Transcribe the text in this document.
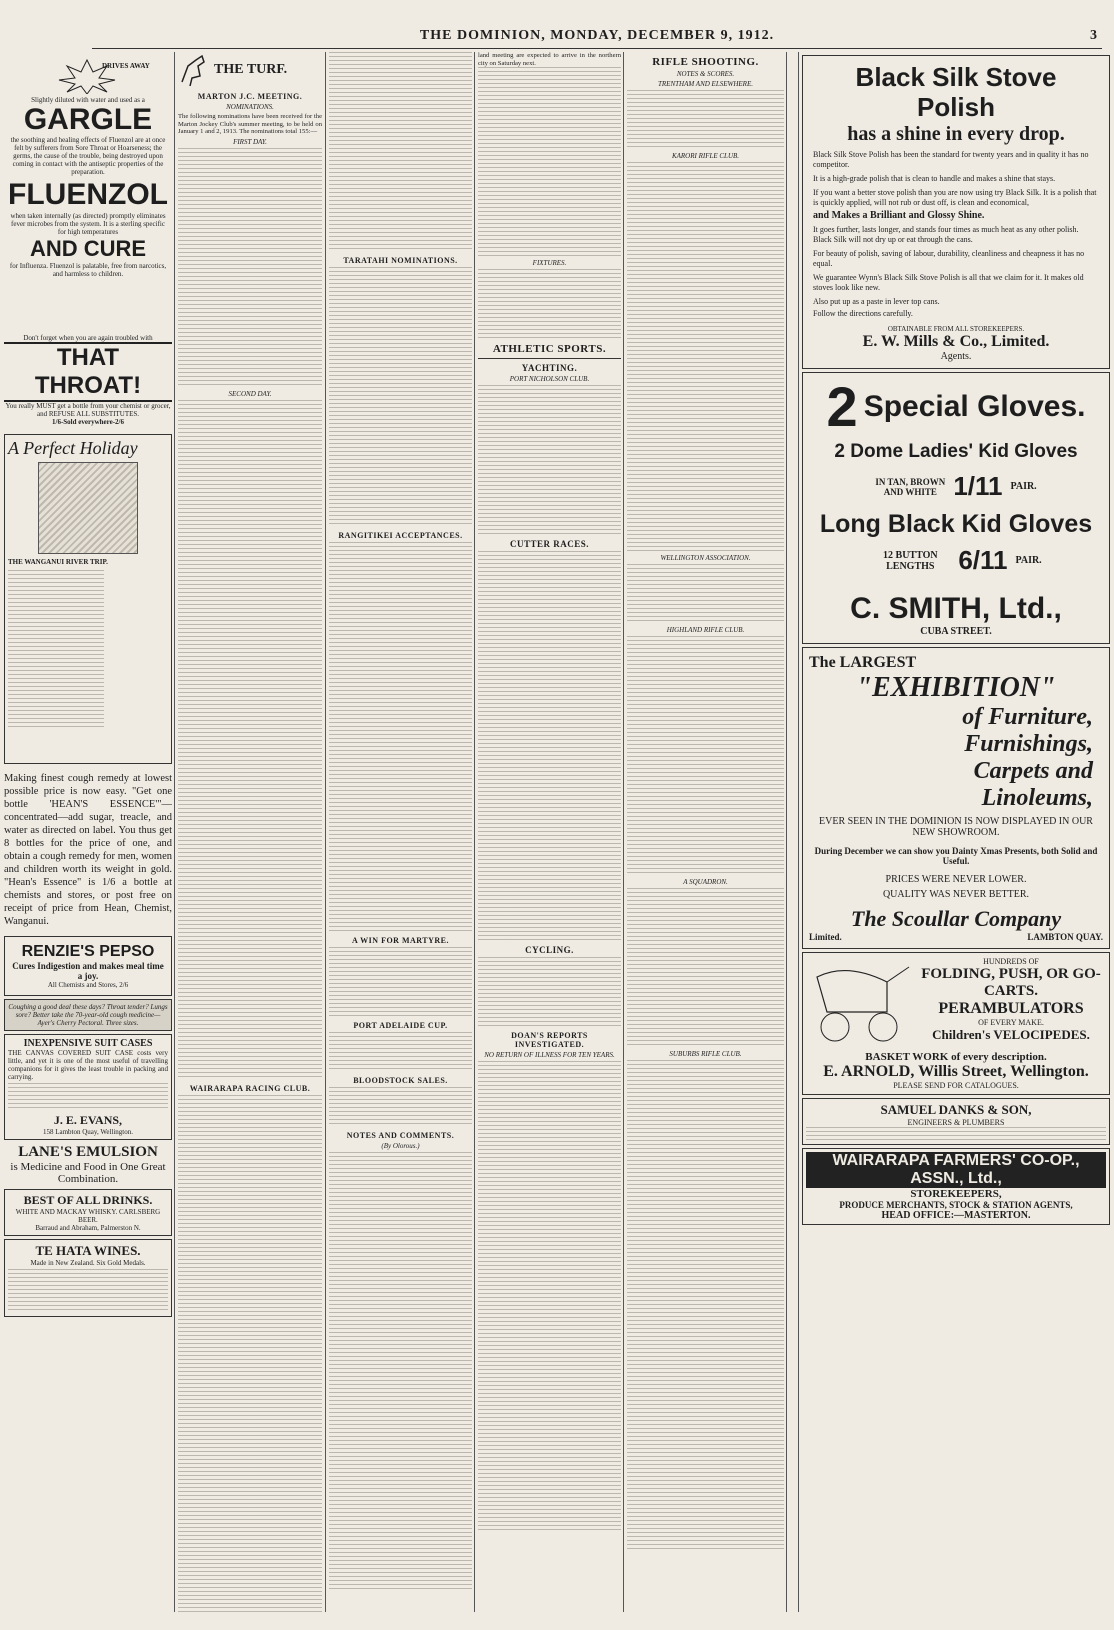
THE DOMINION, MONDAY, DECEMBER 9, 1912.	3
DRIVES AWAY
Slightly diluted with water and used as a
GARGLE
the soothing and healing effects of Fluenzol are at once felt by sufferers from Sore Throat or Hoarseness; the germs, the cause of the trouble, being destroyed upon coming in contact with the antiseptic properties of the preparation.
FLUENZOL
when taken internally (as directed) promptly eliminates fever microbes from the system. It is a sterling specific for high temperatures
AND CURE
for Influenza. Fluenzol is palatable, free from narcotics, and harmless to children.
Don't forget when you are again troubled with
THAT THROAT!
You really MUST get a bottle from your chemist or grocer, and REFUSE ALL SUBSTITUTES.
1/6-Sold everywhere-2/6
A Perfect Holiday
THE WANGANUI RIVER TRIP.
Making finest cough remedy at lowest possible price is now easy. "Get one bottle 'HEAN'S ESSENCE'"—concentrated—add sugar, treacle, and water as directed on label. You thus get 8 bottles for the price of one, and obtain a cough remedy for men, women and children worth its weight in gold. "Hean's Essence" is 1/6 a bottle at chemists and stores, or post free on receipt of price from Hean, Chemist, Wanganui.
RENZIE'S PEPSO
Cures Indigestion and makes meal time a joy.
All Chemists and Stores, 2/6
Coughing a good deal these days? Throat tender? Lungs sore? Better take the 70-year-old cough medicine—Ayer's Cherry Pectoral. Three sizes.
INEXPENSIVE SUIT CASES
THE CANVAS COVERED SUIT CASE costs very little, and yet it is one of the most useful of travelling companions for it gives the least trouble in packing and carrying.
J. E. EVANS,
158 Lambton Quay, Wellington.
LANE'S EMULSION
is Medicine and Food in One Great Combination.
BEST OF ALL DRINKS.
WHITE AND MACKAY WHISKY. CARLSBERG BEER.
Barraud and Abraham, Palmerston N.
TE HATA WINES.
Made in New Zealand. Six Gold Medals.
THE TURF.
MARTON J.C. MEETING.
NOMINATIONS.
The following nominations have been received for the Marton Jockey Club's summer meeting, to be held on January 1 and 2, 1913. The nominations total 155:—
FIRST DAY.
SECOND DAY.
WAIRARAPA RACING CLUB.
TARATAHI NOMINATIONS.
RANGITIKEI ACCEPTANCES.
A WIN FOR MARTYRE.
PORT ADELAIDE CUP.
BLOODSTOCK SALES.
NOTES AND COMMENTS.
(By Olorous.)
land meeting are expected to arrive in the northern city on Saturday next.
FIXTURES.
ATHLETIC SPORTS.
YACHTING.
PORT NICHOLSON CLUB.
CUTTER RACES.
CYCLING.
DOAN'S REPORTS INVESTIGATED.
NO RETURN OF ILLNESS FOR TEN YEARS.
RIFLE SHOOTING.
NOTES & SCORES.
TRENTHAM AND ELSEWHERE.
KARORI RIFLE CLUB.
WELLINGTON ASSOCIATION.
HIGHLAND RIFLE CLUB.
A SQUADRON.
SUBURBS RIFLE CLUB.
Black Silk Stove Polish
has a shine in every drop.
Black Silk Stove Polish has been the standard for twenty years and in quality it has no competitor.
It is a high-grade polish that is clean to handle and makes a shine that stays.
If you want a better stove polish than you are now using try Black Silk. It is a polish that is quickly applied, will not rub or dust off, is clean and economical,
and Makes a Brilliant and Glossy Shine.
It goes further, lasts longer, and stands four times as much heat as any other polish. Black Silk will not dry up or eat through the cans.
For beauty of polish, saving of labour, durability, cleanliness and cheapness it has no equal.
We guarantee Wynn's Black Silk Stove Polish is all that we claim for it. It makes old stoves look like new.
Also put up as a paste in lever top cans.
Follow the directions carefully.
OBTAINABLE FROM ALL STOREKEEPERS.
E. W. Mills & Co., Limited.
Agents.
2 Special Gloves.
2 Dome Ladies' Kid Gloves
IN TAN, BROWN AND WHITE 1/11 PAIR.
Long Black Kid Gloves
12 BUTTON LENGTHS 6/11 PAIR.
C. SMITH, Ltd.,
CUBA STREET.
The LARGEST
"EXHIBITION"
of Furniture,
Furnishings,
Carpets and
Linoleums,
EVER SEEN IN THE DOMINION IS NOW DISPLAYED IN OUR NEW SHOWROOM.
During December we can show you Dainty Xmas Presents, both Solid and Useful.
PRICES WERE NEVER LOWER.
QUALITY WAS NEVER BETTER.
The Scoullar Company
Limited.	LAMBTON QUAY.
HUNDREDS OF
FOLDING, PUSH, OR GO-CARTS.
PERAMBULATORS
OF EVERY MAKE.
Children's VELOCIPEDES.
BASKET WORK of every description.
E. ARNOLD, Willis Street, Wellington.
PLEASE SEND FOR CATALOGUES.
SAMUEL DANKS & SON,
ENGINEERS & PLUMBERS
WAIRARAPA FARMERS' CO-OP., ASSN., Ltd.,
STOREKEEPERS,
PRODUCE MERCHANTS, STOCK & STATION AGENTS,
HEAD OFFICE:—MASTERTON.
